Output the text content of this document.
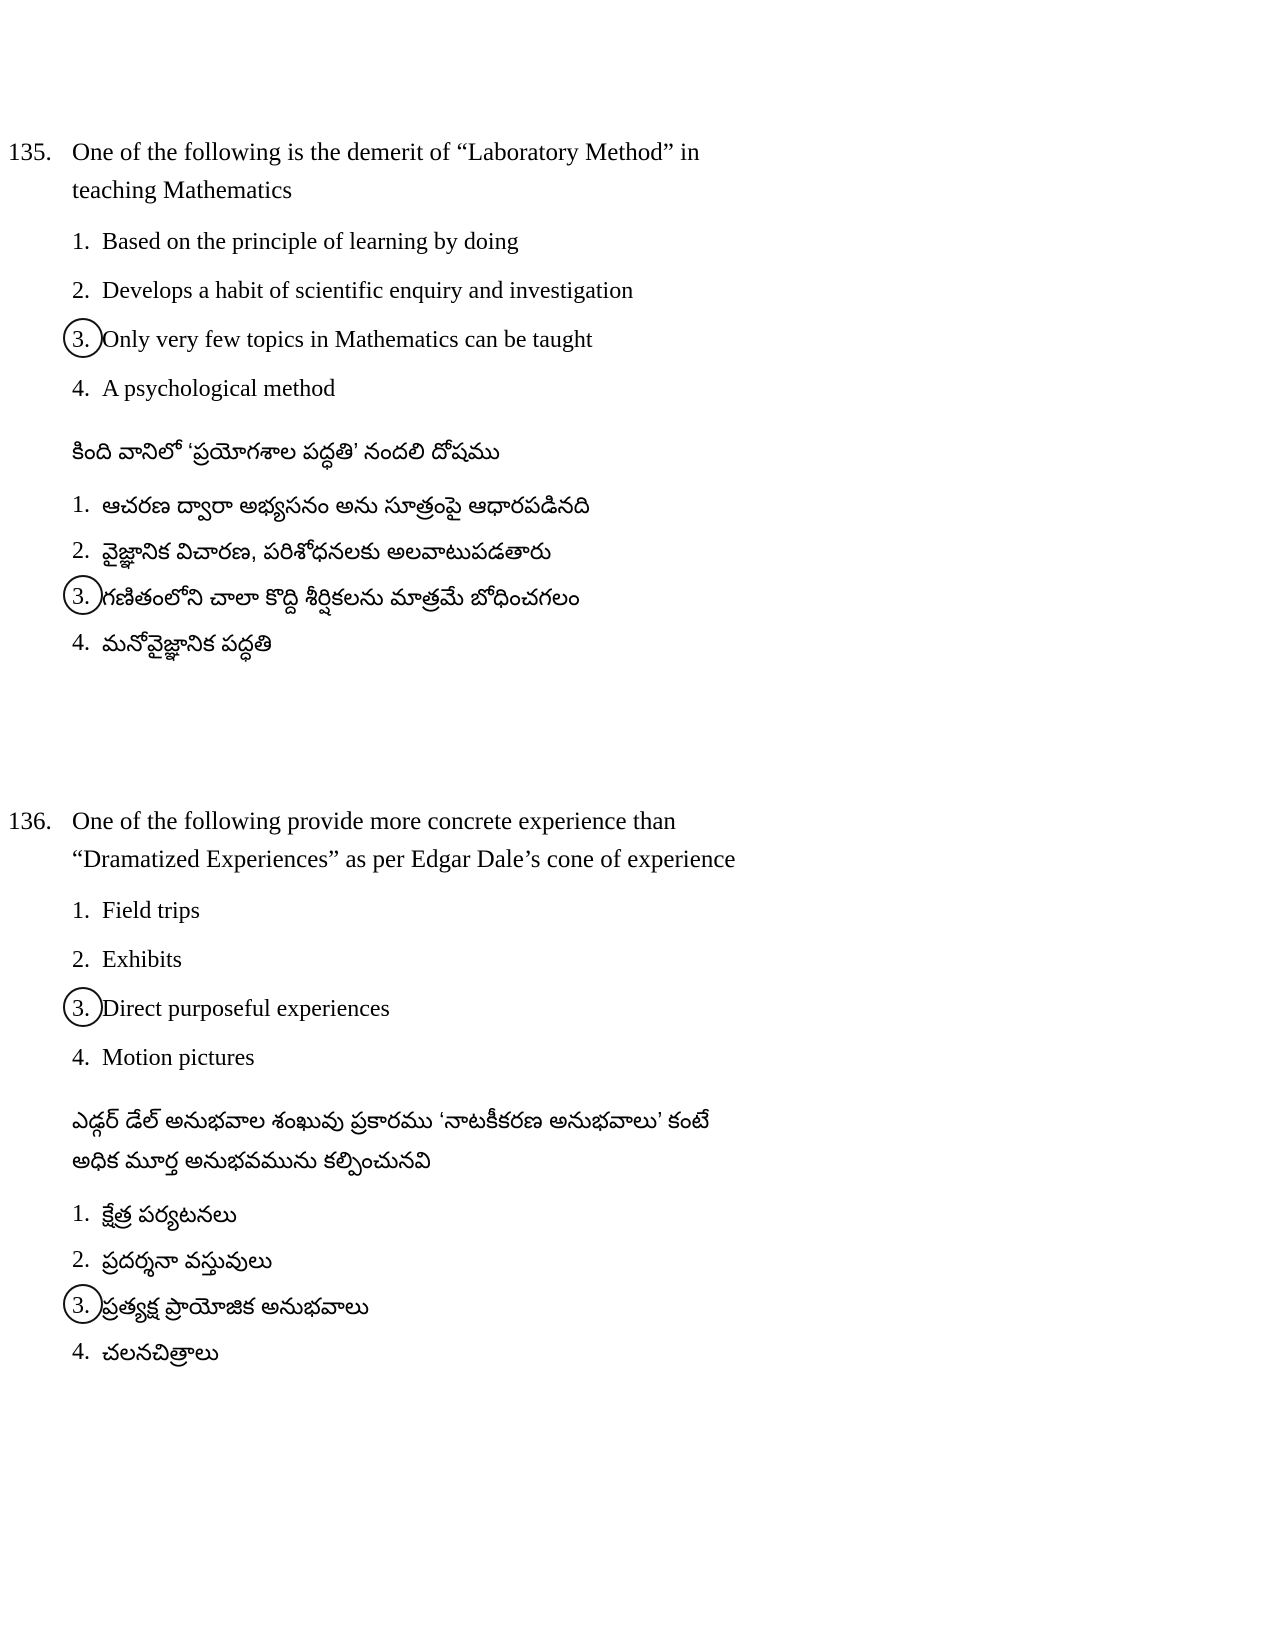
135. One of the following is the demerit of “Laboratory Method” in
teaching Mathematics
1. Based on the principle of learning by doing
2. Develops a habit of scientific enquiry and investigation
3. Only very few topics in Mathematics can be taught
4. A psychological method
కింది వానిలో ‘ప్రయోగశాల పద్ధతి’ నందలి దోషము
1. ఆచరణ ద్వారా అభ్యసనం అను సూత్రంపై ఆధారపడినది
2. వైజ్ఞానిక విచారణ, పరిశోధనలకు అలవాటుపడతారు
3. గణితంలోని చాలా కొద్ది శీర్షికలను మాత్రమే బోధించగలం
4. మనోవైజ్ఞానిక పద్ధతి
136. One of the following provide more concrete experience than
“Dramatized Experiences” as per Edgar Dale’s cone of experience
1. Field trips
2. Exhibits
3. Direct purposeful experiences
4. Motion pictures
ఎడ్గర్ డేల్ అనుభవాల శంఖువు ప్రకారము ‘నాటకీకరణ అనుభవాలు’ కంటే
అధిక మూర్త అనుభవమును కల్పించునవి
1. క్షేత్ర పర్యటనలు
2. ప్రదర్శనా వస్తువులు
3. ప్రత్యక్ష ప్రాయోజిక అనుభవాలు
4. చలనచిత్రాలు
